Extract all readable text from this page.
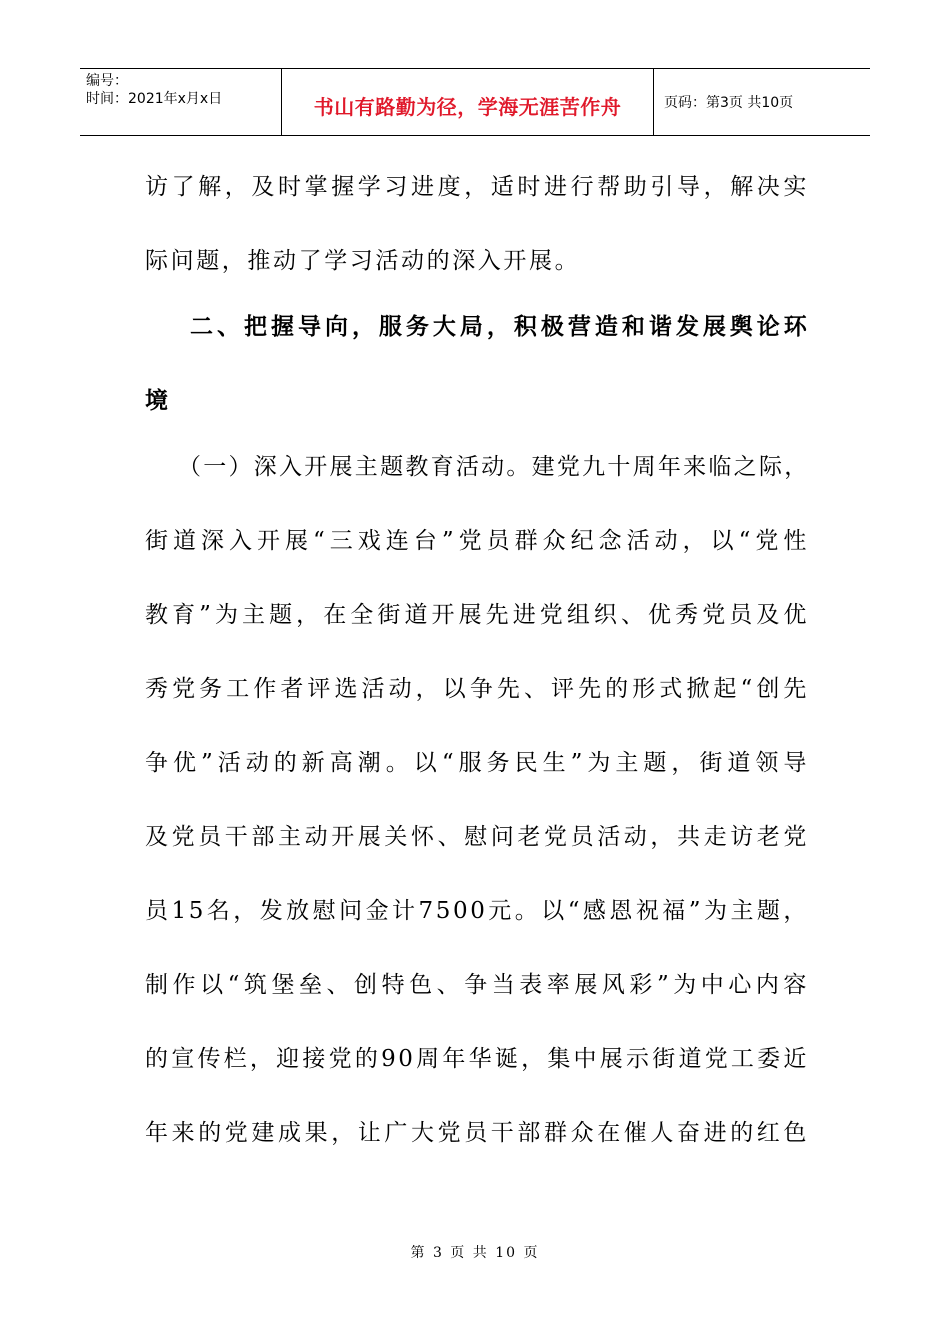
编号：
时间：2021年x月x日	书山有路勤为径，学海无涯苦作舟	页码：第3页 共10页

访了解，及时掌握学习进度，适时进行帮助引导，解决实

际问题，推动了学习活动的深入开展。

二、把握导向，服务大局，积极营造和谐发展舆论环

境

（一）深入开展主题教育活动。建党九十周年来临之际，

街道深入开展“三戏连台”党员群众纪念活动，以“党性

教育”为主题，在全街道开展先进党组织、优秀党员及优

秀党务工作者评选活动，以争先、评先的形式掀起“创先

争优”活动的新高潮。以“服务民生”为主题，街道领导

及党员干部主动开展关怀、慰问老党员活动，共走访老党

员15名，发放慰问金计7500元。以“感恩祝福”为主题，

制作以“筑堡垒、创特色、争当表率展风彩”为中心内容

的宣传栏，迎接党的90周年华诞，集中展示街道党工委近

年来的党建成果，让广大党员干部群众在催人奋进的红色

第 3 页 共 10 页
